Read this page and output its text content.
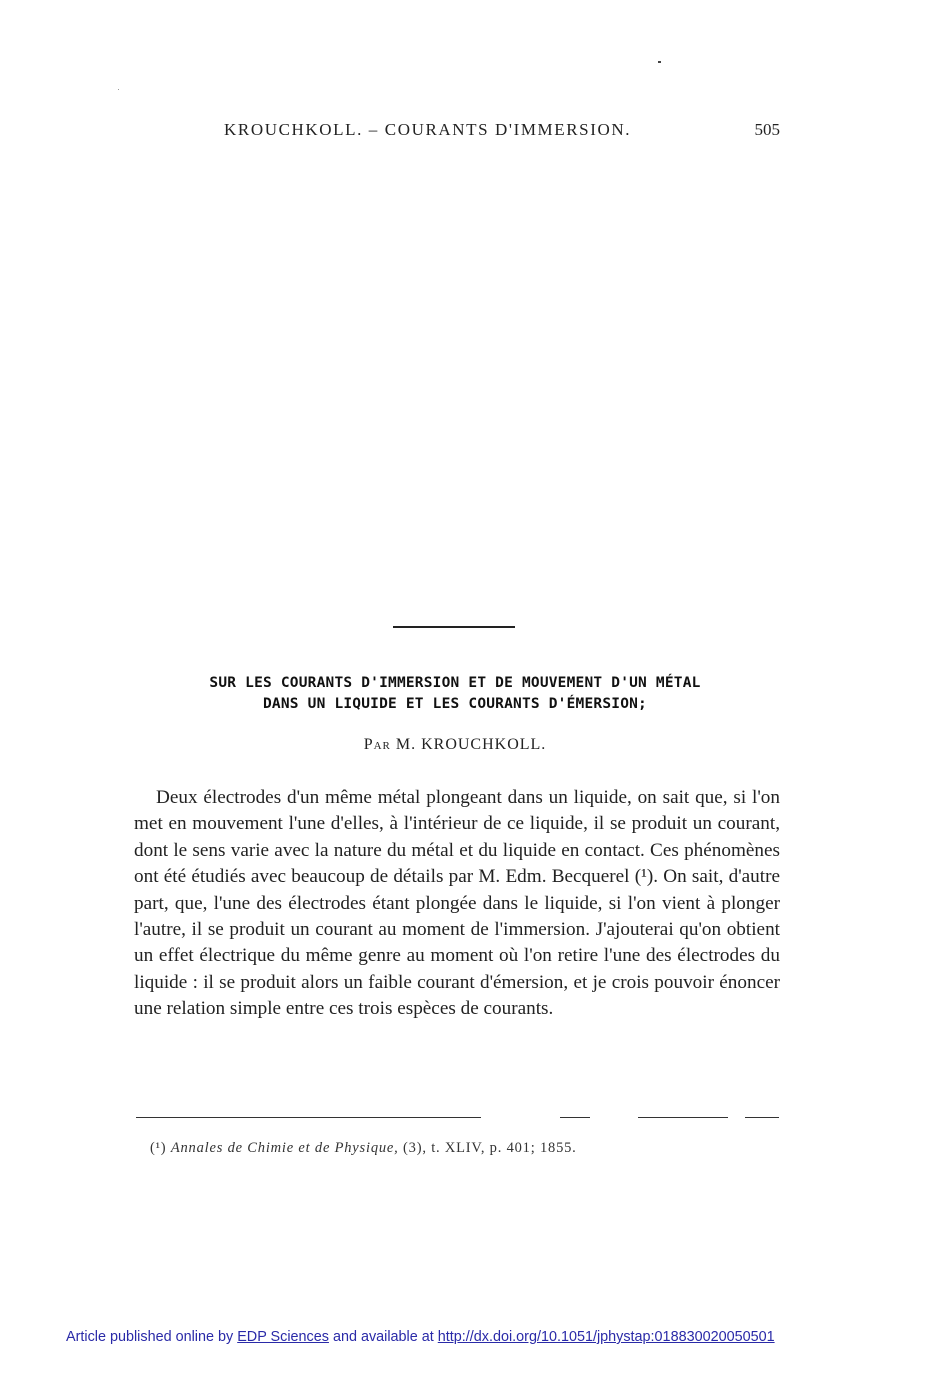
KROUCHKOLL. – COURANTS D'IMMERSION.	505
SUR LES COURANTS D'IMMERSION ET DE MOUVEMENT D'UN MÉTAL
DANS UN LIQUIDE ET LES COURANTS D'ÉMERSION;
Par M. KROUCHKOLL.

Deux électrodes d'un même métal plongeant dans un liquide, on sait que, si l'on met en mouvement l'une d'elles, à l'intérieur de ce liquide, il se produit un courant, dont le sens varie avec la nature du métal et du liquide en contact. Ces phénomènes ont été étudiés avec beaucoup de détails par M. Edm. Becquerel (¹). On sait, d'autre part, que, l'une des électrodes étant plongée dans le liquide, si l'on vient à plonger l'autre, il se produit un courant au moment de l'immersion. J'ajouterai qu'on obtient un effet électrique du même genre au moment où l'on retire l'une des électrodes du liquide : il se produit alors un faible courant d'émersion, et je crois pouvoir énoncer une relation simple entre ces trois espèces de courants.

(¹) Annales de Chimie et de Physique, (3), t. XLIV, p. 401; 1855.
Article published online by EDP Sciences and available at http://dx.doi.org/10.1051/jphystap:018830020050501
